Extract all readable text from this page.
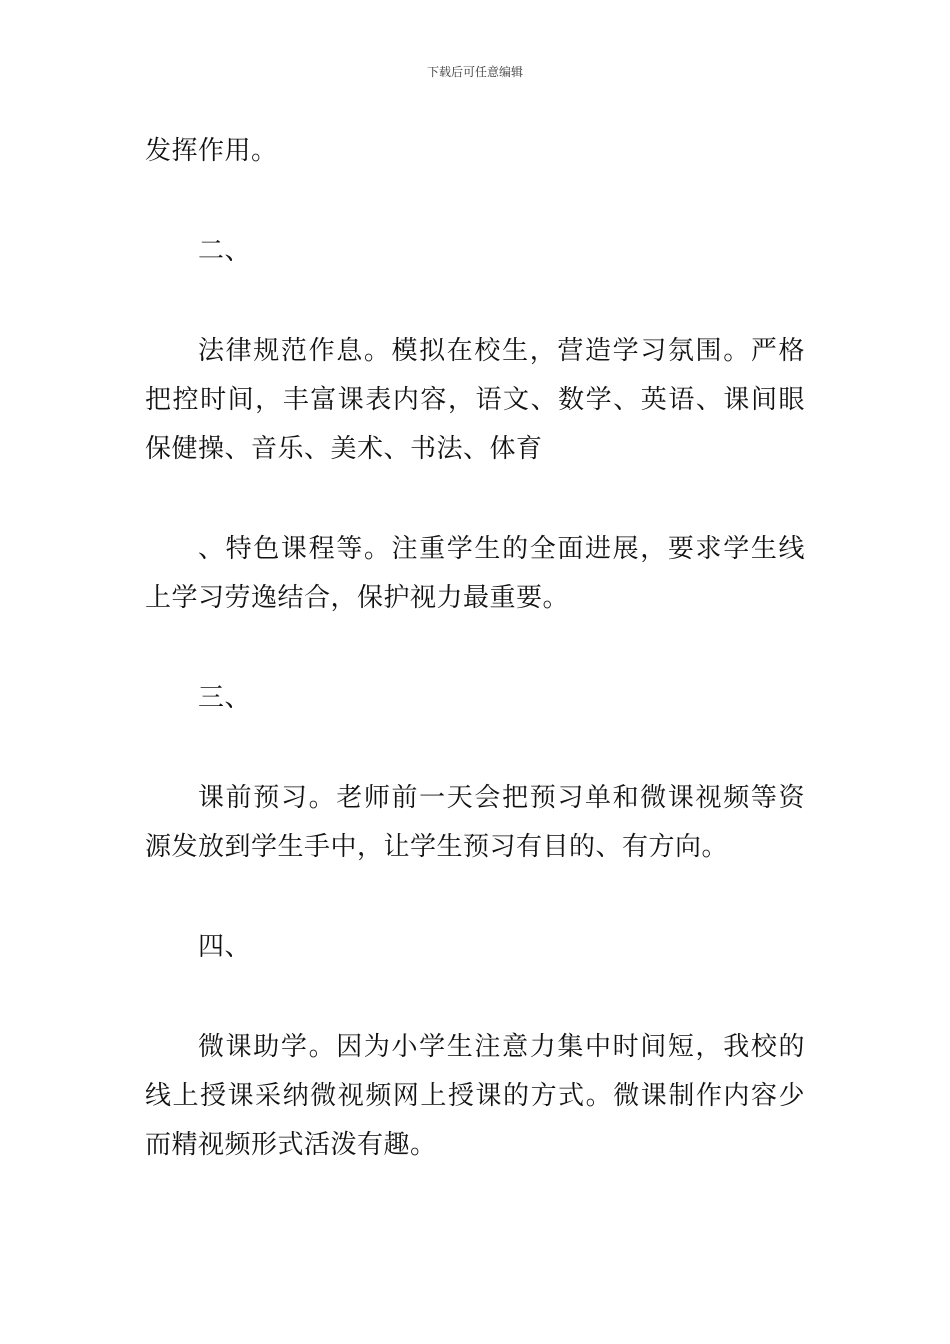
下载后可任意编辑

发挥作用。

二、

法律规范作息。模拟在校生，营造学习氛围。严格把控时间，丰富课表内容，语文、数学、英语、课间眼保健操、音乐、美术、书法、体育

、特色课程等。注重学生的全面进展，要求学生线上学习劳逸结合，保护视力最重要。

三、

课前预习。老师前一天会把预习单和微课视频等资源发放到学生手中，让学生预习有目的、有方向。

四、

微课助学。因为小学生注意力集中时间短，我校的线上授课采纳微视频网上授课的方式。微课制作内容少而精视频形式活泼有趣。
